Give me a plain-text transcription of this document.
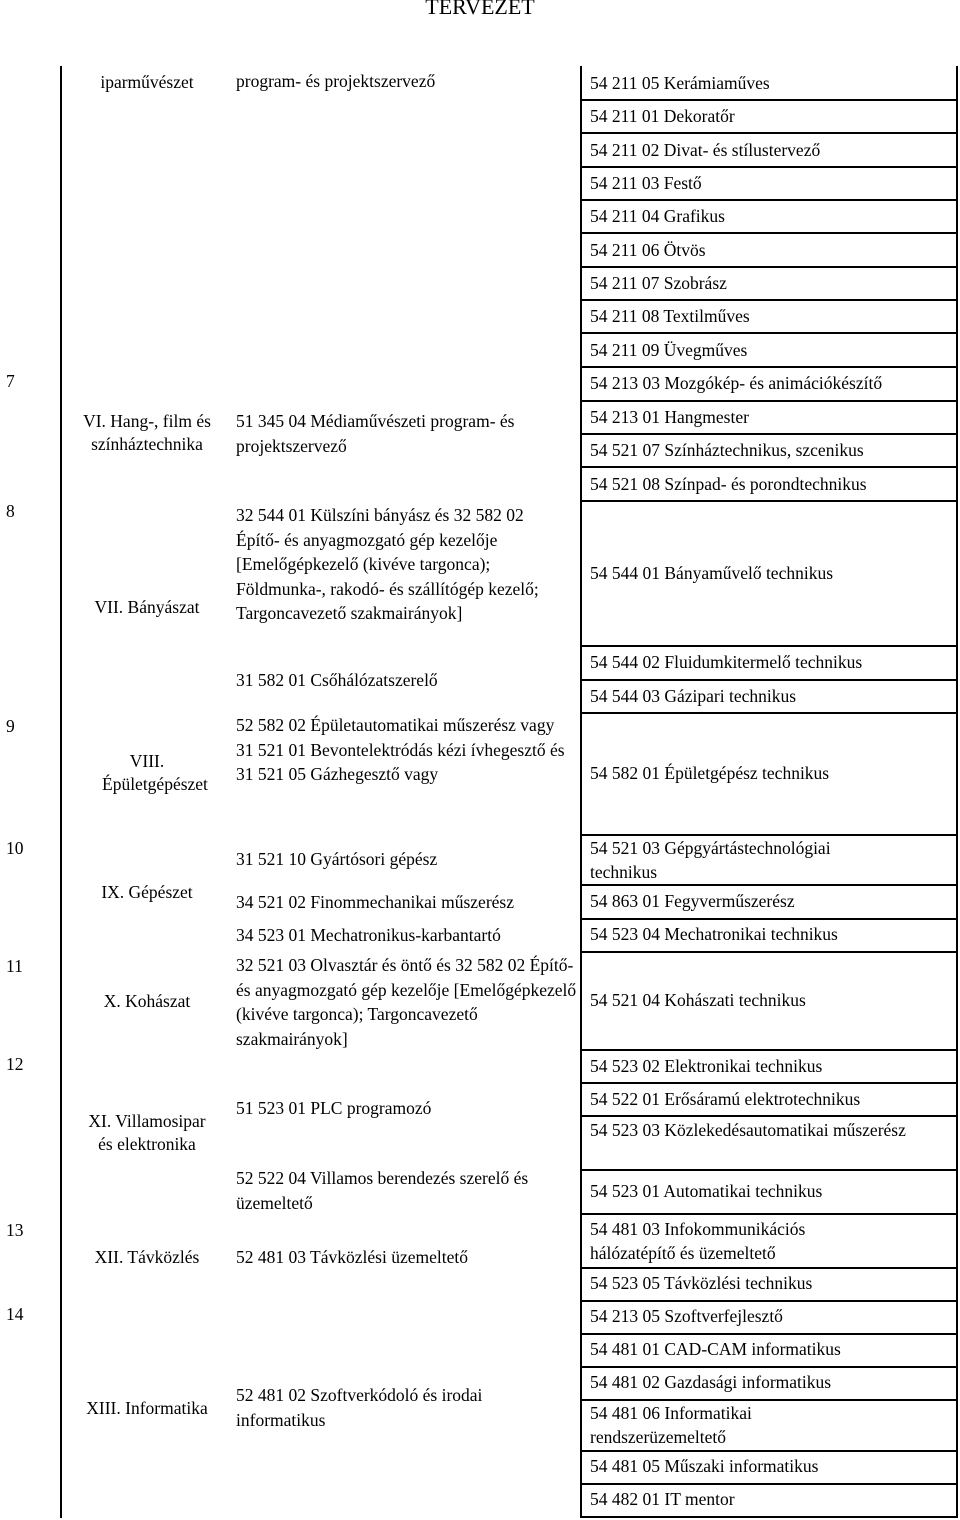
TERVEZET
7
8
9
10
11
12
13
14
iparművészet
VI. Hang-, film és színháztechnika
VII. Bányászat
VIII. Épületgépészet
IX. Gépészet
X. Kohászat
XI. Villamosipar és elektronika
XII. Távközlés
XIII. Informatika
program- és projektszervező
51 345 04 Médiaművészeti program- és projektszervező
32 544 01 Külszíni bányász és 32 582 02 Építő- és anyagmozgató gép kezelője [Emelőgépkezelő (kivéve targonca); Földmunka-, rakodó- és szállítógép kezelő; Targoncavezető szakmairányok]
31 582 01 Csőhálózatszerelő
52 582 02 Épületautomatikai műszerész vagy 31 521 01 Bevontelektródás kézi ívhegesztő és 31 521 05 Gázhegesztő vagy
31 521 10 Gyártósori gépész
34 521 02 Finommechanikai műszerész
34 523 01 Mechatronikus-karbantartó
32 521 03 Olvasztár és öntő és 32 582 02 Építő- és anyagmozgató gép kezelője [Emelőgépkezelő (kivéve targonca); Targoncavezető szakmairányok]
51 523 01 PLC programozó
52 522 04 Villamos berendezés szerelő és üzemeltető
52 481 03 Távközlési üzemeltető
52 481 02 Szoftverkódoló és irodai informatikus
54 211 05 Kerámiaműves
54 211 01 Dekoratőr
54 211 02 Divat- és stílustervező
54 211 03 Festő
54 211 04 Grafikus
54 211 06 Ötvös
54 211 07 Szobrász
54 211 08 Textilműves
54 211 09 Üvegműves
54 213 03 Mozgókép- és animációkészítő
54 213 01 Hangmester
54 521 07 Színháztechnikus, szcenikus
54 521 08 Színpad- és porondtechnikus
54 544 01 Bányaművelő technikus
54 544 02 Fluidumkitermelő technikus
54 544 03 Gázipari technikus
54 582 01 Épületgépész technikus
54 521 03 Gépgyártástechnológiai technikus
54 863 01 Fegyverműszerész
54 523 04 Mechatronikai technikus
54 521 04 Kohászati technikus
54 523 02 Elektronikai technikus
54 522 01 Erősáramú elektrotechnikus
54 523 03 Közlekedésautomatikai műszerész
54 523 01 Automatikai technikus
54 481 03 Infokommunikációs hálózatépítő és üzemeltető
54 523 05 Távközlési technikus
54 213 05 Szoftverfejlesztő
54 481 01 CAD-CAM informatikus
54 481 02 Gazdasági informatikus
54 481 06 Informatikai rendszerüzemeltető
54 481 05 Műszaki informatikus
54 482 01 IT mentor
